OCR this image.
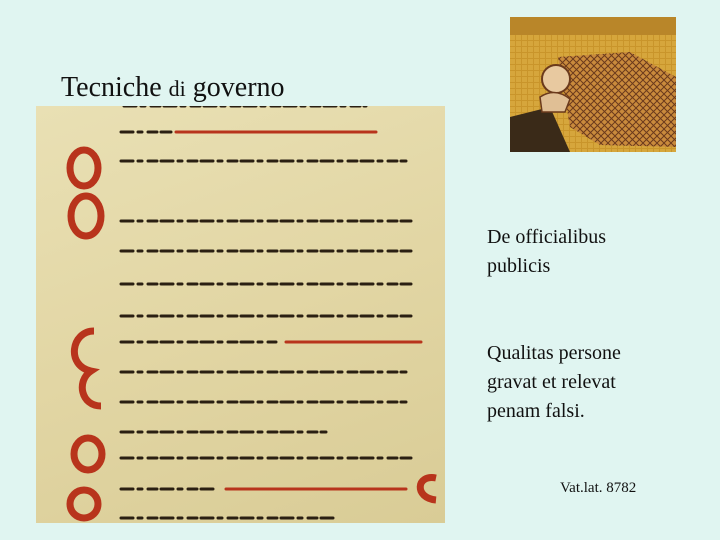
Tecniche di governo
De officialibus
publicis
Qualitas persone
gravat et relevat
penam falsi.
Vat.lat. 8782
